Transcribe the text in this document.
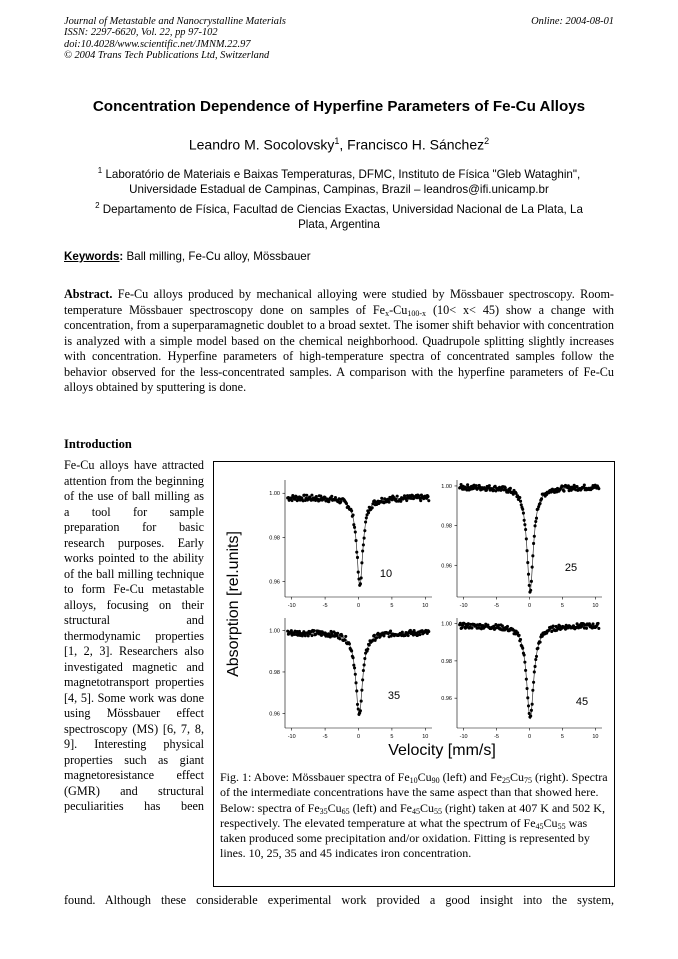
Journal of Metastable and Nanocrystalline Materials
ISSN: 2297-6620, Vol. 22, pp 97-102
doi:10.4028/www.scientific.net/JMNM.22.97
© 2004 Trans Tech Publications Ltd, Switzerland
Online: 2004-08-01
Concentration Dependence of Hyperfine Parameters of Fe-Cu Alloys
Leandro M. Socolovsky$^1$, Francisco H. Sánchez$^2$
$^1$ Laboratório de Materiais e Baixas Temperaturas, DFMC, Instituto de Física "Gleb Wataghin",
Universidade Estadual de Campinas, Campinas, Brazil – leandros@ifi.unicamp.br
$^2$ Departamento de Física, Facultad de Ciencias Exactas, Universidad Nacional de La Plata, La
Plata, Argentina
Keywords: Ball milling, Fe-Cu alloy, Mössbauer
Abstract. Fe-Cu alloys produced by mechanical alloying were studied by Mössbauer spectroscopy. Room-temperature Mössbauer spectroscopy done on samples of $Fe_x-Cu_{100-x}$ (10< x< 45) show a change with concentration, from a superparamagnetic doublet to a broad sextet. The isomer shift behavior with concentration is analyzed with a simple model based on the chemical neighborhood. Quadrupole splitting slightly increases with concentration. Hyperfine parameters of high-temperature spectra of concentrated samples follow the behavior observed for the less-concentrated samples. A comparison with the hyperfine parameters of Fe-Cu alloys obtained by sputtering is done.
Introduction
Fe-Cu alloys have attracted attention from the beginning of the use of ball milling as a tool for sample preparation for basic research purposes. Early works pointed to the ability of the ball milling technique to form Fe-Cu metastable alloys, focusing on their structural and thermodynamic properties [1, 2, 3]. Researchers also investigated magnetic and magnetotransport properties [4, 5]. Some work was done using Mössbauer effect spectroscopy (MS) [6, 7, 8, 9]. Interesting physical properties such as giant magnetoresistance effect (GMR) and structural peculiarities has been
found. Although these considerable experimental work provided a good insight into the system,
-10	-5	0	5	10
1.00
0.98
0.96
10
-10	-5	0	5	10
1.00
0.98
0.96	25
-10	-5	0	5	10
1.00
0.98
0.96
35
-10	-5	0	5	10
1.00
0.98
0.96	45
Absorption [rel.units]
Velocity [mm/s]
Fig. 1: Above: Mössbauer spectra of $Fe_{10}Cu_{90}$ (left) and $Fe_{25}Cu_{75}$ (right). Spectra of the intermediate concentrations have the same aspect than that showed here. Below: spectra of $Fe_{35}Cu_{65}$ (left) and $Fe_{45}Cu_{55}$ (right) taken at 407 K and 502 K, respectively. The elevated temperature at what the spectrum of $Fe_{45}Cu_{55}$ was taken produced some precipitation and/or oxidation. Fitting is represented by lines. 10, 25, 35 and 45 indicates iron concentration.
